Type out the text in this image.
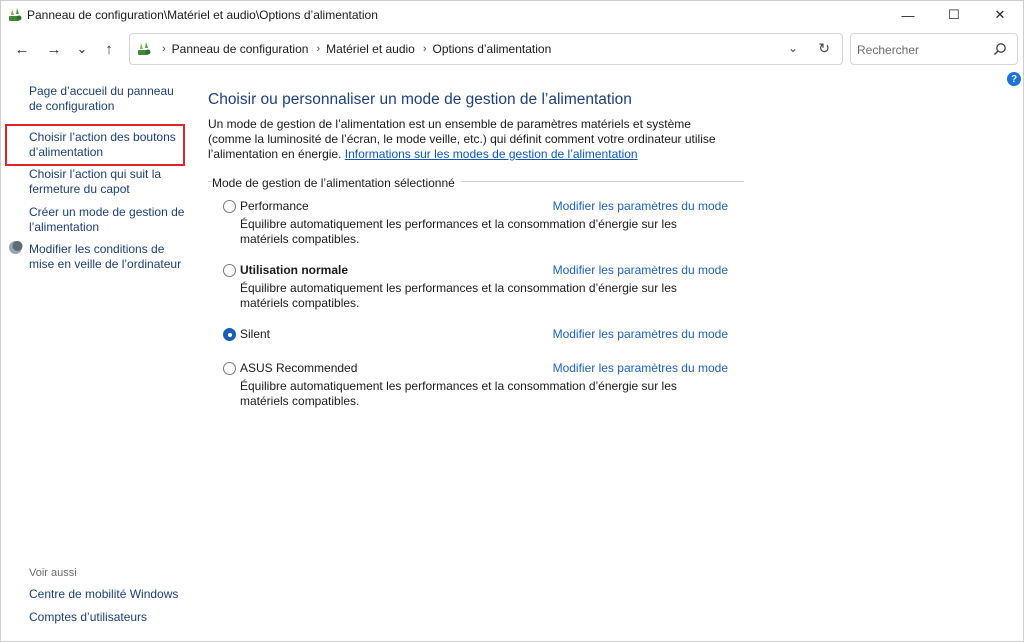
Panneau de configuration\Matériel et audio\Options d’alimentation	—	☐	✕
←	→	⌄	↑	› Panneau de configuration › Matériel et audio › Options d’alimentation	⌄ ↻
Rechercher
?
Page d’accueil du panneau de configuration
Choisir l’action des boutons d’alimentation
Choisir l’action qui suit la fermeture du capot
Créer un mode de gestion de l’alimentation
Modifier les conditions de mise en veille de l’ordinateur
Voir aussi
Centre de mobilité Windows
Comptes d’utilisateurs
Choisir ou personnaliser un mode de gestion de l’alimentation
Un mode de gestion de l’alimentation est un ensemble de paramètres matériels et système (comme la luminosité de l’écran, le mode veille, etc.) qui définit comment votre ordinateur utilise l’alimentation en énergie. Informations sur les modes de gestion de l’alimentation
Mode de gestion de l’alimentation sélectionné
Performance	Modifier les paramètres du mode
Équilibre automatiquement les performances et la consommation d’énergie sur les matériels compatibles.
Utilisation normale	Modifier les paramètres du mode
Équilibre automatiquement les performances et la consommation d’énergie sur les matériels compatibles.
Silent	Modifier les paramètres du mode
ASUS Recommended	Modifier les paramètres du mode
Équilibre automatiquement les performances et la consommation d’énergie sur les matériels compatibles.
